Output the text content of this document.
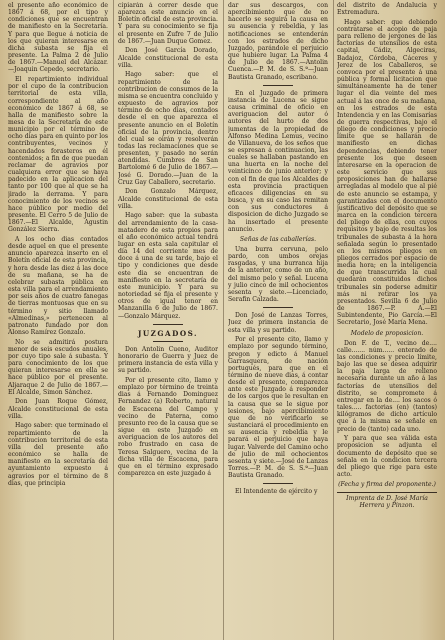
el presente año económico de 1867 á 68, por el tipo y condiciones que se encuentran de manifiesto en la Secretaría. Y para que llegue á noticia de los que quieran interesarse en dicha subasta se fija el presente. La Palma 2 de Julio de 1867.—Manuel del Alcázar.—Joaquin Cepedo, secretario.

El repartimiento individual por el cupo de la contribucion territorial de esta villa, correspondiente al año económico de 1867 á 68, se halla de manifiesto sobre la mesa de la Secretaría de este municipio por el término de ocho dias para en quinto por los contribuyentes, vecinos y hacendados forasteros en él contenidos; a fin de que puedan reclamar de agravios por cualquiera error que se haya padecido en la aplicacion del tanto por 100 que al que se ha jirado la derrama. Y para conocimiento de los vecinos se hace público por medio del presente. El Cerro 5 de Julio de 1867.—El Alcalde, Agustin González Sierra.

A los ocho dias contados desde aquel en que el presente anuncio aparezca inserto en el Boletín oficial de esta provincia, y hora desde las diez á las doce de su mañana, se ha de celebrar subasta pública en esta villa para el arrendamiento por seis años de cuatro fanegas de tierras montuosas que en su término y sitio llamado «Almedinas,» pertenecen al patronato fundado por don Alonso Ramírez Gonzalo.

No se admitirá postura menor de seis escudos anuales, por cuyo tipo sale á subasta. Y para conocimiento de los que quieran interesarse en ella se hace público por el presente. Aljaraque 2 de Julio de 1867.—El Alcalde, Simon Sánchez.

Don Juan Roque Gómez, Alcalde constitucional de esta villa.

Hago saber: que terminado el repartimiento de la contribucion territorial de esta villa del presente año económico se halla de manifiesto en la secretaría del ayuntamiento expuesto á agravios por el término de 8 dias, que principia

cipiarán á correr desde que aparezca este anuncio en el Boletín oficial de esta provincia. Y para su conocimiento se fija el presente en Zufre 7 de Julio de 1867.—Juan Duque Gomez.

Don José García Dorado, Alcalde constitucional de esta villa.

Hago saber: que el repartimiento de la contribucion de consumos de la misma se encuentra concluido y expuesto de agravios por término de ocho dias, contados desde el en que aparezca el presente anuncio en el Boletín oficial de la provincia, dentro del cual se oirán y resolverán todas las reclamaciones que se presenten, y pasado no serán atendidas. Cumbres de San Bartolomé 6 de Julio de 1867.—José G. Dorado.—Juan de la Cruz Gay Caballero, secretario.

Don Gonzalo Márquez, Alcalde constitucional de esta villa.

Hago saber: que la subasta del arrendamiento de la casa-matadero de esta propios para el año económico actual tendrá lugar en esta sala capitular el día 14 del corriente mes de doce á una de su tarde, bajo el tipo y condiciones que desde este dia se encuentran de manifiesto en la secretaría de este municipio. Y para su notoriedad se fija el presente y otros de igual tenor en Manzanilla 6 de Julio de 1867.—Gonzalo Márquez.

JUZGADOS.

Don Antolin Cueno, Auditor honorario de Guerra y Juez de primera instancia de esta villa y su partido.

Por el presente cito, llamo y emplazo por término de treinta dias á Fernando Dominguez Fernandez (a) Roberto, natural de Escacena del Campo y vecino de Paterna, como presunto reo de la causa que se sigue en este Juzgado en averiguacion de los autores del robo frustrado en casa de Teresa Salguero, vecina de la dicha villa de Escacena, para que en el término expresado comparezca en este juzgado á

dar sus descargos, con apercibimiento que de no hacerlo se seguirá la causa en su ausencia y rebeldía, y las notificaciones se entenderán con los estrados de dicho Juzgado, parándole el perjuicio que hubiere lugar. La Palma 4 de Julio de 1867.—Antolin Cuenca.—P. M. de S. S.ª—Juan Bautista Granado, escribano.

En el Juzgado de primera instancia de Lucena se sigue causa criminal de oficio en averiguacion del autor ó autores del hurto de dos jumentas de la propiedad de Alfonso Medina Lemus, vecino de Villanueva, de los seños que se espresan á continuacion, las cuales se hallaban pastando en una huerta en la noche del veinticinco de junio anterior; y con el fin de que los Alcaldes de esta provincia practiquen eficaces diligencias en su busca, y en su caso las remitan con sus conductores á disposicion de dicho Juzgado se ha insertado el presente anuncio.

Señas de las caballerías.

Una burra cervuna, pelo pardo, con umbos orejas rasgadas, y una burranca hija de la anterior, como de un año, del mismo pelo y señal. Lucena y julio cinco de mil ochocientos sesenta y siete.—Licenciado, Serafin Calzada.

Don José de Lanzas Torres, Juez de primera instancia de esta villa y su partido.

Por el presente cito, llamo y emplazo por segundo término, pregon y edicto á Manuel Garrasquera, de nación portugués, para que en el término de nueve dias, á contar desde el presente, comparezca ante este Juzgado á responder de los cargos que le resultan en la causa que se le sigue por lesiones, bajo apercibimiento que de no verificarlo se sustanciará el procedimiento en su ausencia y rebeldía y le parará el perjuicio que haya lugar. Valverde del Camino ocho de julio de mil ochocientos sesenta y siete.—José de Lanzas Torres.—P. M. de S. S.ª—Juan Bautista Granado.

El Intendente de ejército y

del distrito de Andalucía y Extremadura.

Hago saber: que debiendo contratarse el acopio de paja para relleno de jergones de las factorías de utensilios de esta capital, Cádiz, Algeciras, Badajoz, Córdoba, Cáceres y Jerez de los Caballeros, se convoca por el presente á una pública y formal licitacion que simultáneamente ha de tener lugar el dia veinte del mes actual á las once de su mañana, en los estrados de esta Intendencia y en las Comisarías de guerra respectivas, bajo el pliego de condiciones y precio límite que se hallarán de manifiesto en dichas dependencias, debiendo tener presente los que deseen interesarse en la operacion de este servicio que sus proposiciones han de hallarse arregladas al modelo que al pié de este anuncio se estampa, y garantizadas con el documento justificativo del depósito que se marca en la condicion tercera del pliego de ellas, con cuyos requisitos y bajo de resultas los tribunales de subasta á la hora señalada según lo presentado en los mismos pliegos en pliegos cerrados por espacio de media hora; en la inteligencia de que transcurrida la cual quedarán constituidos dichos tribunales sin poderse admitir más ni retirar los ya presentados. Sevilla 6 de Julio de 1867.—P. A.—El Subintendente, Pio García.—El Secretario, José María Mena.

Modelo de proposicion.

Don F. de T., vecino de.... calle....... núm...... enterado de las condiciones y precio límite, bajo las que se desea adquirir la paja larga de relleno necesaria durante un año á las factorías de utensilios del distrito, se compromete á entregar en la de.... los sacos ó tales..... factorias (en) (tantos) kilógramos de dicho artículo que á la misma se señale en precio de (tanto) cada uno.

Y para que sea válida esta proposicion se adjunta el documento de depósito que se señala en la condicion tercera del pliego que rige para este acto.

(Fecha y firma del proponente.)

Imprenta de D. José María Herrera y Pinzon.
